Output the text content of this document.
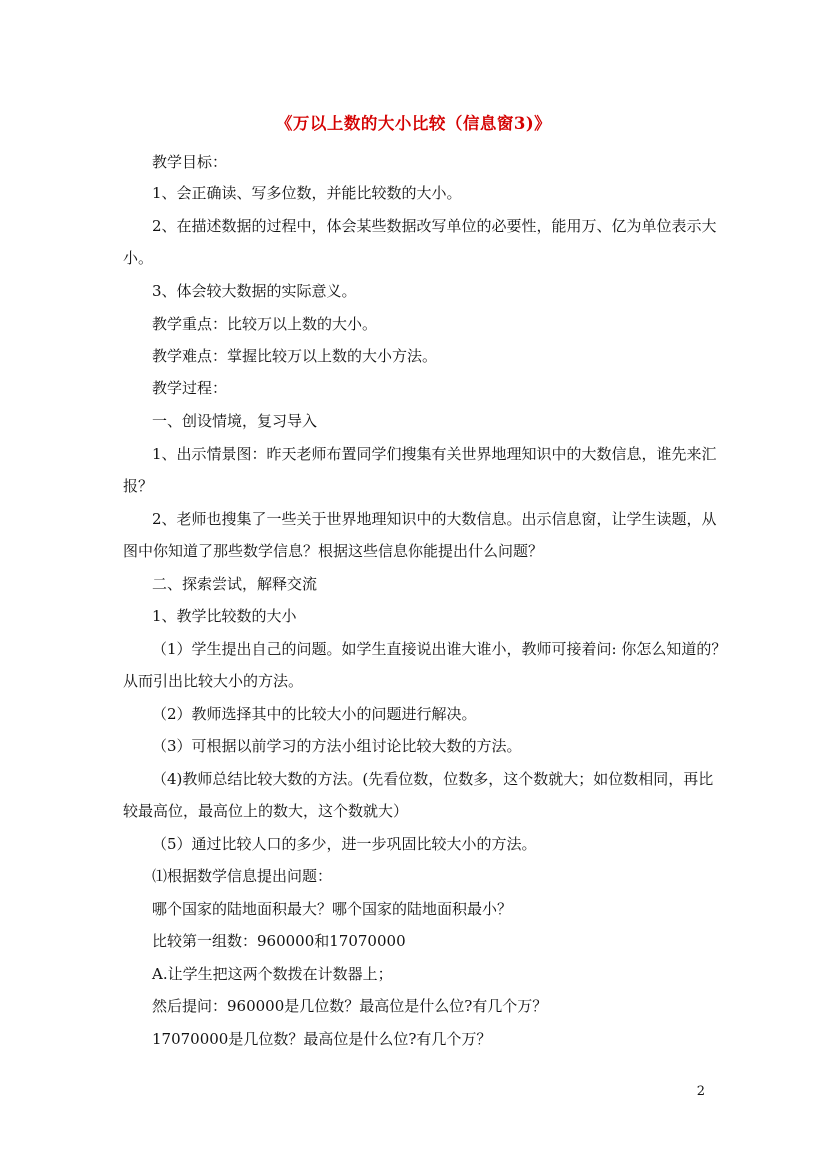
《万以上数的大小比较（信息窗3)》
教学目标：
1、会正确读、写多位数，并能比较数的大小。
2、在描述数据的过程中，体会某些数据改写单位的必要性，能用万、亿为单位表示大
小。
3、体会较大数据的实际意义。
教学重点：比较万以上数的大小。
教学难点：掌握比较万以上数的大小方法。
教学过程：
一、创设情境，复习导入
1、出示情景图：昨天老师布置同学们搜集有关世界地理知识中的大数信息，谁先来汇
报？
2、老师也搜集了一些关于世界地理知识中的大数信息。出示信息窗，让学生读题，从
图中你知道了那些数学信息？根据这些信息你能提出什么问题？
二、探索尝试，解释交流
1、教学比较数的大小
（1）学生提出自己的问题。如学生直接说出谁大谁小，教师可接着问: 你怎么知道的？
从而引出比较大小的方法。
（2）教师选择其中的比较大小的问题进行解决。
（3）可根据以前学习的方法小组讨论比较大数的方法。
（4)教师总结比较大数的方法。(先看位数，位数多，这个数就大；如位数相同，再比
较最高位，最高位上的数大，这个数就大）
（5）通过比较人口的多少，进一步巩固比较大小的方法。
⑴根据数学信息提出问题：
哪个国家的陆地面积最大？哪个国家的陆地面积最小？
比较第一组数：960000和17070000
A.让学生把这两个数拨在计数器上；
然后提问：960000是几位数？最高位是什么位?有几个万？
17070000是几位数？最高位是什么位?有几个万？
2
